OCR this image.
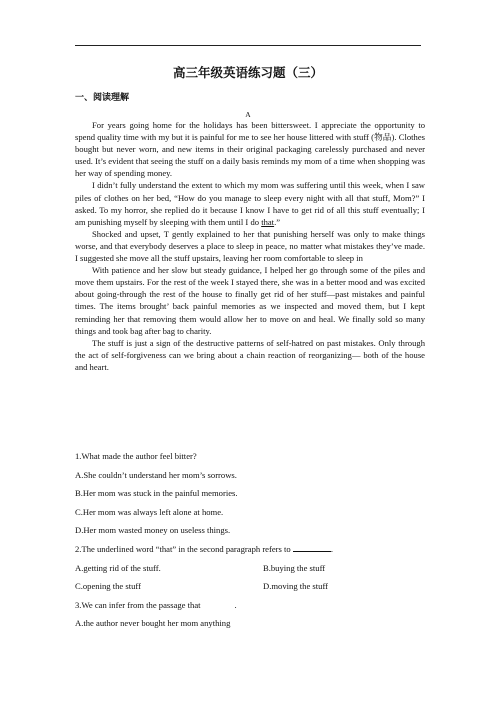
高三年级英语练习题（三）
一、阅读理解
A

For years going home for the holidays has been bittersweet. I appreciate the opportunity to spend quality time with my but it is painful for me to see her house littered with stuff (物品). Clothes bought but never worn, and new items in their original packaging carelessly purchased and never used. It’s evident that seeing the stuff on a daily basis reminds my mom of a time when shopping was her way of spending money.

I didn’t fully understand the extent to which my mom was suffering until this week, when I saw piles of clothes on her bed, “How do you manage to sleep every night with all that stuff, Mom?” I asked. To my horror, she replied do it because I know I have to get rid of all this stuff eventually; I am punishing myself by sleeping with them until I do that.”

Shocked and upset, T gently explained to her that punishing herself was only to make things worse, and that everybody deserves a place to sleep in peace, no matter what mistakes they’ve made. I suggested she move all the stuff upstairs, leaving her room comfortable to sleep in

With patience and her slow but steady guidance, I helped her go through some of the piles and move them upstairs. For the rest of the week I stayed there, she was in a better mood and was excited about going-through the rest of the house to finally get rid of her stuff—past mistakes and painful times. The items brought’ back painful memories as we inspected and moved them, but I kept reminding her that removing them would allow her to move on and heal. We finally sold so many things and took bag after bag to charity.

The stuff is just a sign of the destructive patterns of self-hatred on past mistakes. Only through the act of self-forgiveness can we bring about a chain reaction of reorganizing— both of the house and heart.

1.What made the author feel bitter?
A.She couldn’t understand her mom’s sorrows.
B.Her mom was stuck in the painful memories.
C.Her mom was always left alone at home.
D.Her mom wasted money on useless things.
2.The underlined word “that” in the second paragraph refers to	.
A.getting rid of the stuff.	B.buying the stuff
C.opening the stuff	D.moving the stuff
3.We can infer from the passage that	.
A.the author never bought her mom anything
